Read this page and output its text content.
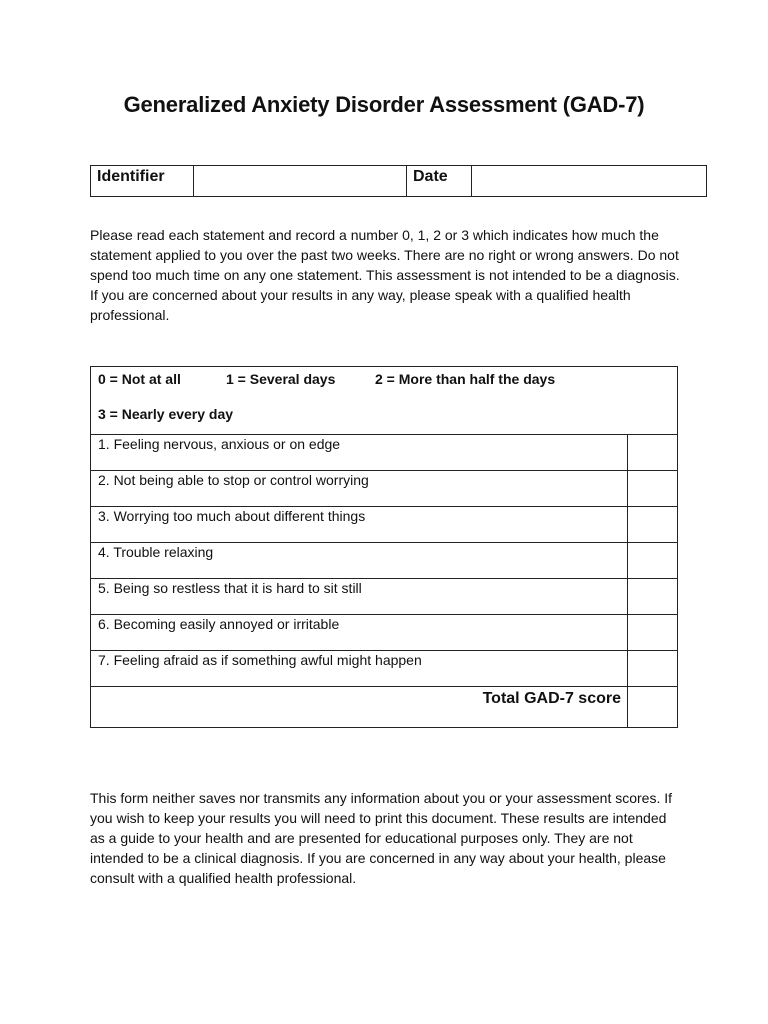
Generalized Anxiety Disorder Assessment (GAD-7)
Identifier		Date	

Please read each statement and record a number 0, 1, 2 or 3 which indicates how much the statement applied to you over the past two weeks. There are no right or wrong answers. Do not spend too much time on any one statement. This assessment is not intended to be a diagnosis. If you are concerned about your results in any way, please speak with a qualified health professional.

0 = Not at all 1 = Several days 2 = More than half the days
3 = Nearly every day	

1. Feeling nervous, anxious or on edge	
2. Not being able to stop or control worrying	
3. Worrying too much about different things	
4. Trouble relaxing	
5. Being so restless that it is hard to sit still	
6. Becoming easily annoyed or irritable	
7. Feeling afraid as if something awful might happen	
Total GAD-7 score	

This form neither saves nor transmits any information about you or your assessment scores. If you wish to keep your results you will need to print this document. These results are intended as a guide to your health and are presented for educational purposes only. They are not intended to be a clinical diagnosis. If you are concerned in any way about your health, please consult with a qualified health professional.
